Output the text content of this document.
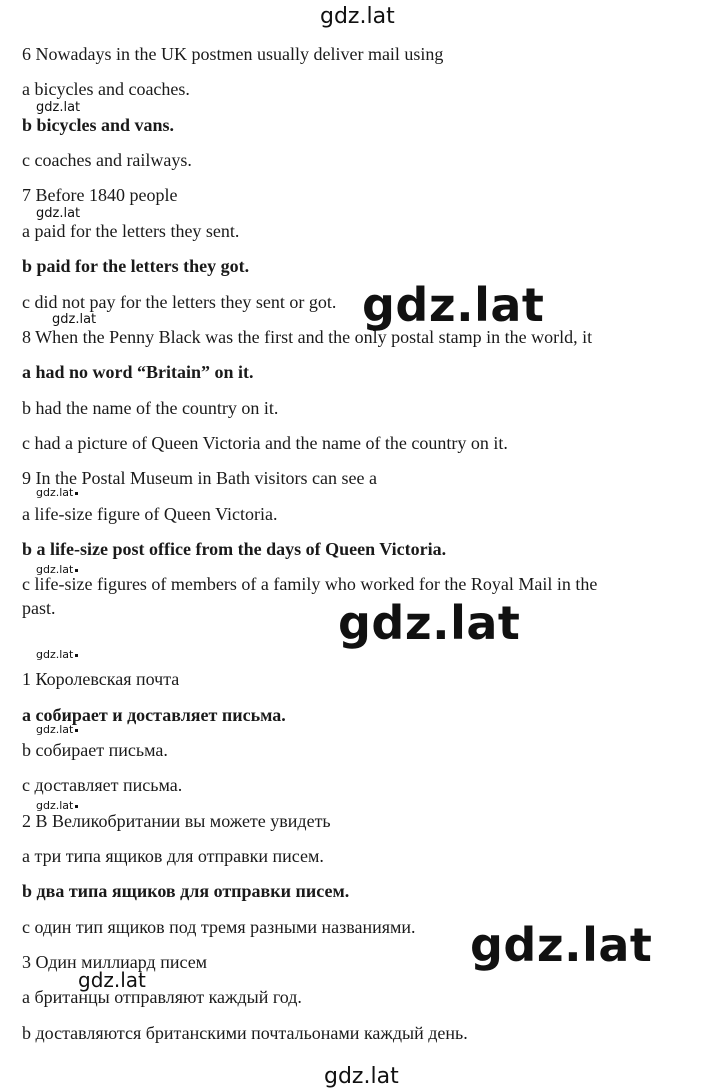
gdz.lat
gdz.lat
gdz.lat
gdz.lat
gdz.lat
gdz.lat
gdz.lat
gdz.lat
gdz.lat
gdz.lat
gdz.lat
gdz.lat
gdz.lat
gdz.lat

6 Nowadays in the UK postmen usually deliver mail using

a bicycles and coaches.

b bicycles and vans.

c coaches and railways.

7 Before 1840 people

a paid for the letters they sent.

b paid for the letters they got.

c did not pay for the letters they sent or got.

8 When the Penny Black was the first and the only postal stamp in the world, it

a had no word “Britain” on it.

b had the name of the country on it.

c had a picture of Queen Victoria and the name of the country on it.

9 In the Postal Museum in Bath visitors can see a

a life-size figure of Queen Victoria.

b a life-size post office from the days of Queen Victoria.

c life-size figures of members of a family who worked for the Royal Mail in the

past.

1 Королевская почта

а собирает и доставляет письма.

b собирает письма.

с доставляет письма.

2 В Великобритании вы можете увидеть

а три типа ящиков для отправки писем.

b два типа ящиков для отправки писем.

с один тип ящиков под тремя разными названиями.

3 Один миллиард писем

а британцы отправляют каждый год.

b доставляются британскими почтальонами каждый день.
